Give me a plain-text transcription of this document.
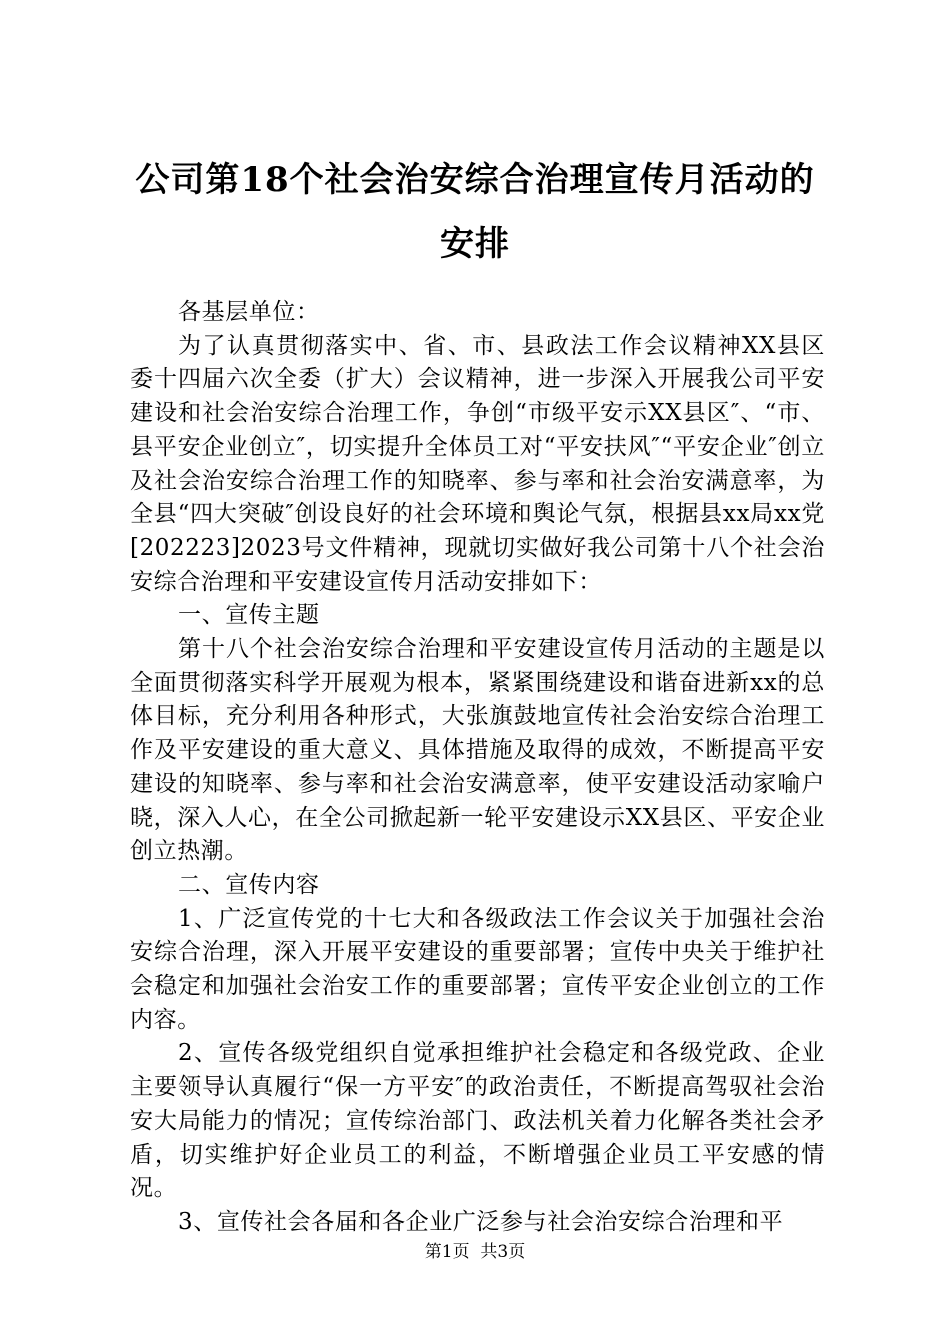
公司第18个社会治安综合治理宣传月活动的
安排

各基层单位：

为了认真贯彻落实中、省、市、县政法工作会议精神XX县区委十四届六次全委（扩大）会议精神，进一步深入开展我公司平安建设和社会治安综合治理工作，争创“市级平安示XX县区″、“市、县平安企业创立″，切实提升全体员工对“平安扶风″“平安企业″创立及社会治安综合治理工作的知晓率、参与率和社会治安满意率，为全县“四大突破″创设良好的社会环境和舆论气氛，根据县xx局xx党[202223]2023号文件精神，现就切实做好我公司第十八个社会治安综合治理和平安建设宣传月活动安排如下：

一、宣传主题

第十八个社会治安综合治理和平安建设宣传月活动的主题是以全面贯彻落实科学开展观为根本，紧紧围绕建设和谐奋进新xx的总体目标，充分利用各种形式，大张旗鼓地宣传社会治安综合治理工作及平安建设的重大意义、具体措施及取得的成效，不断提高平安建设的知晓率、参与率和社会治安满意率，使平安建设活动家喻户晓，深入人心，在全公司掀起新一轮平安建设示XX县区、平安企业创立热潮。

二、宣传内容

1、广泛宣传党的十七大和各级政法工作会议关于加强社会治安综合治理，深入开展平安建设的重要部署；宣传中央关于维护社会稳定和加强社会治安工作的重要部署；宣传平安企业创立的工作内容。

2、宣传各级党组织自觉承担维护社会稳定和各级党政、企业主要领导认真履行“保一方平安″的政治责任，不断提高驾驭社会治安大局能力的情况；宣传综治部门、政法机关着力化解各类社会矛盾，切实维护好企业员工的利益，不断增强企业员工平安感的情况。

3、宣传社会各届和各企业广泛参与社会治安综合治理和平

第1页  共3页
